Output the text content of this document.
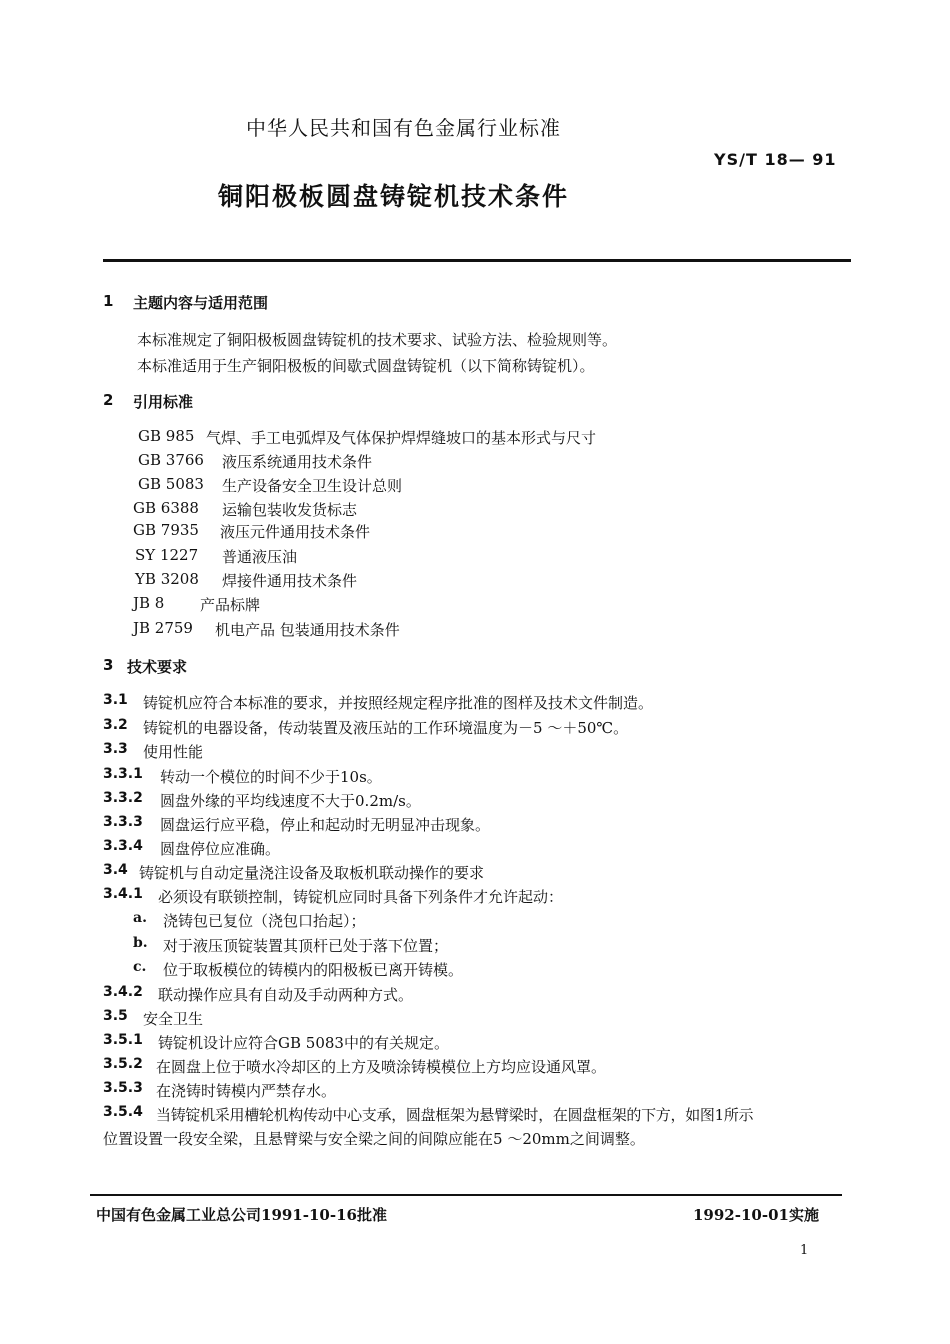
中华人民共和国有色金属行业标准
YS/T 18— 91
铜阳极板圆盘铸锭机技术条件
1 主题内容与适用范围
本标准规定了铜阳极板圆盘铸锭机的技术要求、试验方法、检验规则等。
本标准适用于生产铜阳极板的间歇式圆盘铸锭机（以下简称铸锭机）。
2 引用标准
GB 985 气焊、手工电弧焊及气体保护焊焊缝坡口的基本形式与尺寸
GB 3766 液压系统通用技术条件
GB 5083 生产设备安全卫生设计总则
GB 6388 运输包装收发货标志
GB 7935 液压元件通用技术条件
SY 1227 普通液压油
YB 3208 焊接件通用技术条件
JB 8 产品标牌
JB 2759 机电产品 包装通用技术条件
3 技术要求
3.1 铸锭机应符合本标准的要求，并按照经规定程序批准的图样及技术文件制造。
3.2 铸锭机的电器设备，传动装置及液压站的工作环境温度为－5 ～＋50℃。
3.3 使用性能
3.3.1 转动一个模位的时间不少于10s。
3.3.2 圆盘外缘的平均线速度不大于0.2m/s。
3.3.3 圆盘运行应平稳，停止和起动时无明显冲击现象。
3.3.4 圆盘停位应准确。
3.4 铸锭机与自动定量浇注设备及取板机联动操作的要求
3.4.1 必须设有联锁控制，铸锭机应同时具备下列条件才允许起动：
a. 浇铸包已复位（浇包口抬起）；
b. 对于液压顶锭装置其顶杆已处于落下位置；
c. 位于取板模位的铸模内的阳极板已离开铸模。
3.4.2 联动操作应具有自动及手动两种方式。
3.5 安全卫生
3.5.1 铸锭机设计应符合GB 5083中的有关规定。
3.5.2 在圆盘上位于喷水冷却区的上方及喷涂铸模模位上方均应设通风罩。
3.5.3 在浇铸时铸模内严禁存水。
3.5.4 当铸锭机采用槽轮机构传动中心支承，圆盘框架为悬臂梁时，在圆盘框架的下方，如图1所示
位置设置一段安全梁，且悬臂梁与安全梁之间的间隙应能在5 ～20mm之间调整。
中国有色金属工业总公司1991-10-16批准	1992-10-01实施
1
